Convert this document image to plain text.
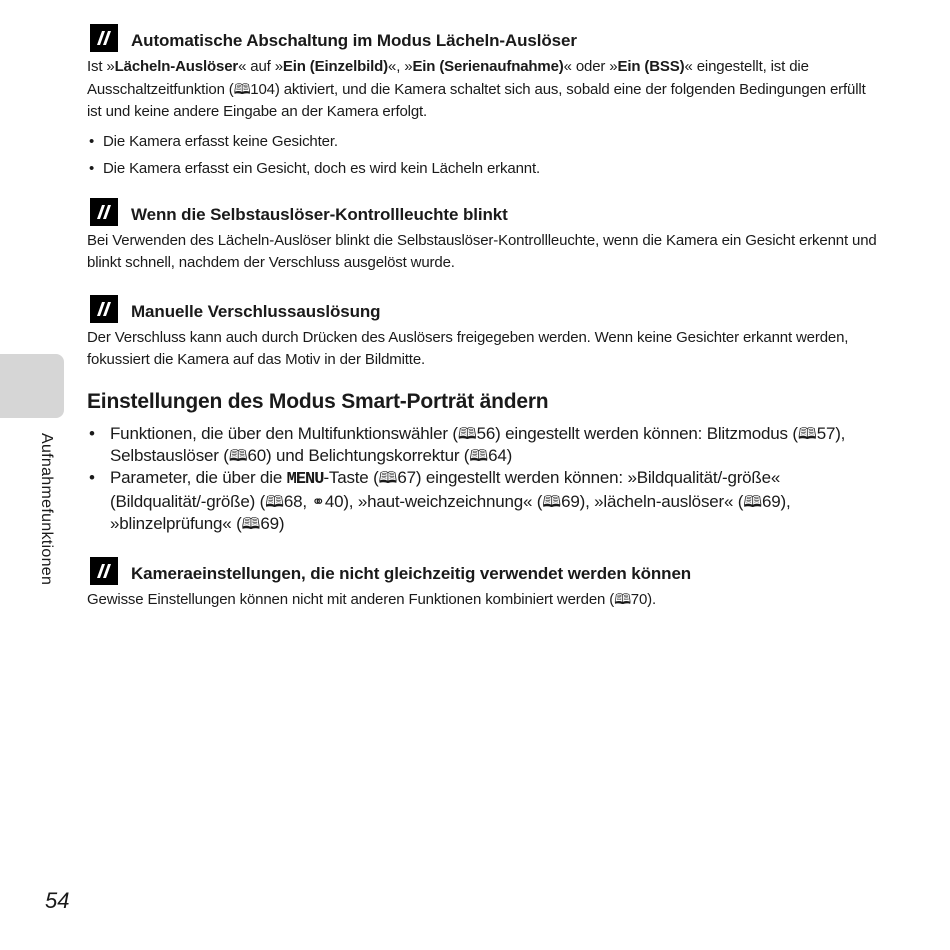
Automatische Abschaltung im Modus Lächeln-Auslöser

Ist »Lächeln-Auslöser« auf »Ein (Einzelbild)«, »Ein (Serienaufnahme)« oder »Ein (BSS)« eingestellt, ist die Ausschaltzeitfunktion (🕮104) aktiviert, und die Kamera schaltet sich aus, sobald eine der folgenden Bedingungen erfüllt ist und keine andere Eingabe an der Kamera erfolgt.

• Die Kamera erfasst keine Gesichter.
• Die Kamera erfasst ein Gesicht, doch es wird kein Lächeln erkannt.
Wenn die Selbstauslöser-Kontrollleuchte blinkt

Bei Verwenden des Lächeln-Auslöser blinkt die Selbstauslöser-Kontrollleuchte, wenn die Kamera ein Gesicht erkennt und blinkt schnell, nachdem der Verschluss ausgelöst wurde.

Manuelle Verschlussauslösung

Der Verschluss kann auch durch Drücken des Auslösers freigegeben werden. Wenn keine Gesichter erkannt werden, fokussiert die Kamera auf das Motiv in der Bildmitte.

Einstellungen des Modus Smart-Porträt ändern
• Funktionen, die über den Multifunktionswähler (🕮56) eingestellt werden können: Blitzmodus (🕮57), Selbstauslöser (🕮60) und Belichtungskorrektur (🕮64)
• Parameter, die über die MENU-Taste (🕮67) eingestellt werden können: »Bildqualität/-größe« (Bildqualität/-größe) (🕮68, ⚭40), »haut-weichzeichnung« (🕮69), »lächeln-auslöser« (🕮69), »blinzelprüfung« (🕮69)
Kameraeinstellungen, die nicht gleichzeitig verwendet werden können

Gewisse Einstellungen können nicht mit anderen Funktionen kombiniert werden (🕮70).

Aufnahmefunktionen
54
